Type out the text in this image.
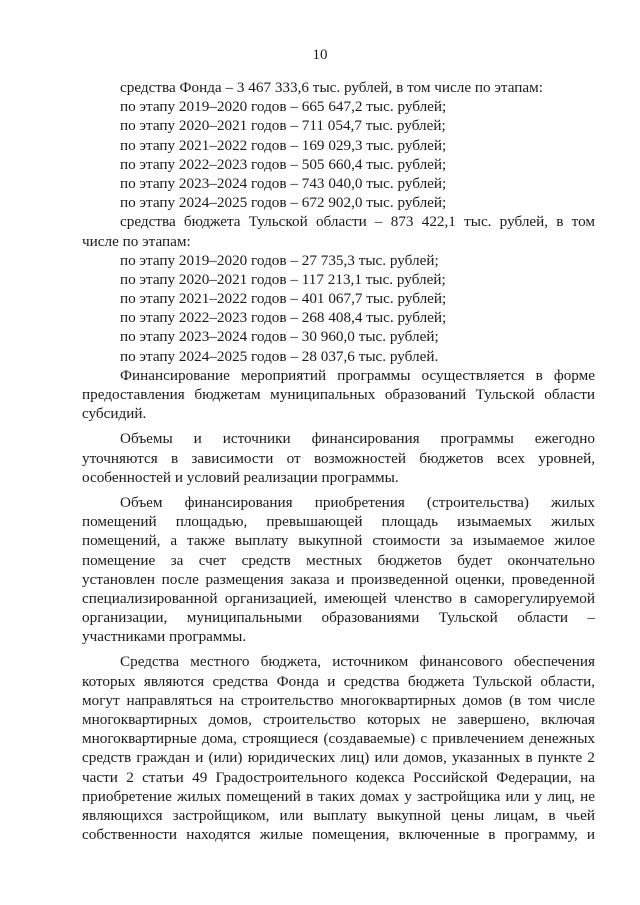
10
средства Фонда – 3 467 333,6 тыс. рублей, в том числе по этапам:
по этапу 2019–2020 годов – 665 647,2 тыс. рублей;
по этапу 2020–2021 годов – 711 054,7 тыс. рублей;
по этапу 2021–2022 годов – 169 029,3 тыс. рублей;
по этапу 2022–2023 годов – 505 660,4 тыс. рублей;
по этапу 2023–2024 годов – 743 040,0 тыс. рублей;
по этапу 2024–2025 годов – 672 902,0 тыс. рублей;
средства бюджета Тульской области – 873 422,1 тыс. рублей, в том
числе по этапам:
по этапу 2019–2020 годов – 27 735,3 тыс. рублей;
по этапу 2020–2021 годов – 117 213,1 тыс. рублей;
по этапу 2021–2022 годов – 401 067,7 тыс. рублей;
по этапу 2022–2023 годов – 268 408,4 тыс. рублей;
по этапу 2023–2024 годов – 30 960,0 тыс. рублей;
по этапу 2024–2025 годов – 28 037,6 тыс. рублей.
Финансирование мероприятий программы осуществляется в форме
предоставления бюджетам муниципальных образований Тульской области
субсидий.
Объемы и источники финансирования программы ежегодно
уточняются в зависимости от возможностей бюджетов всех уровней,
особенностей и условий реализации программы.
Объем финансирования приобретения (строительства) жилых
помещений площадью, превышающей площадь изымаемых жилых
помещений, а также выплату выкупной стоимости за изымаемое жилое
помещение за счет средств местных бюджетов будет окончательно
установлен после размещения заказа и произведенной оценки, проведенной
специализированной организацией, имеющей членство в саморегулируемой
организации, муниципальными образованиями Тульской области –
участниками программы.
Средства местного бюджета, источником финансового обеспечения
которых являются средства Фонда и средства бюджета Тульской области,
могут направляться на строительство многоквартирных домов (в том числе
многоквартирных домов, строительство которых не завершено, включая
многоквартирные дома, строящиеся (создаваемые) с привлечением денежных
средств граждан и (или) юридических лиц) или домов, указанных в пункте 2
части 2 статьи 49 Градостроительного кодекса Российской Федерации, на
приобретение жилых помещений в таких домах у застройщика или у лиц, не
являющихся застройщиком, или выплату выкупной цены лицам, в чьей
собственности находятся жилые помещения, включенные в программу, и
